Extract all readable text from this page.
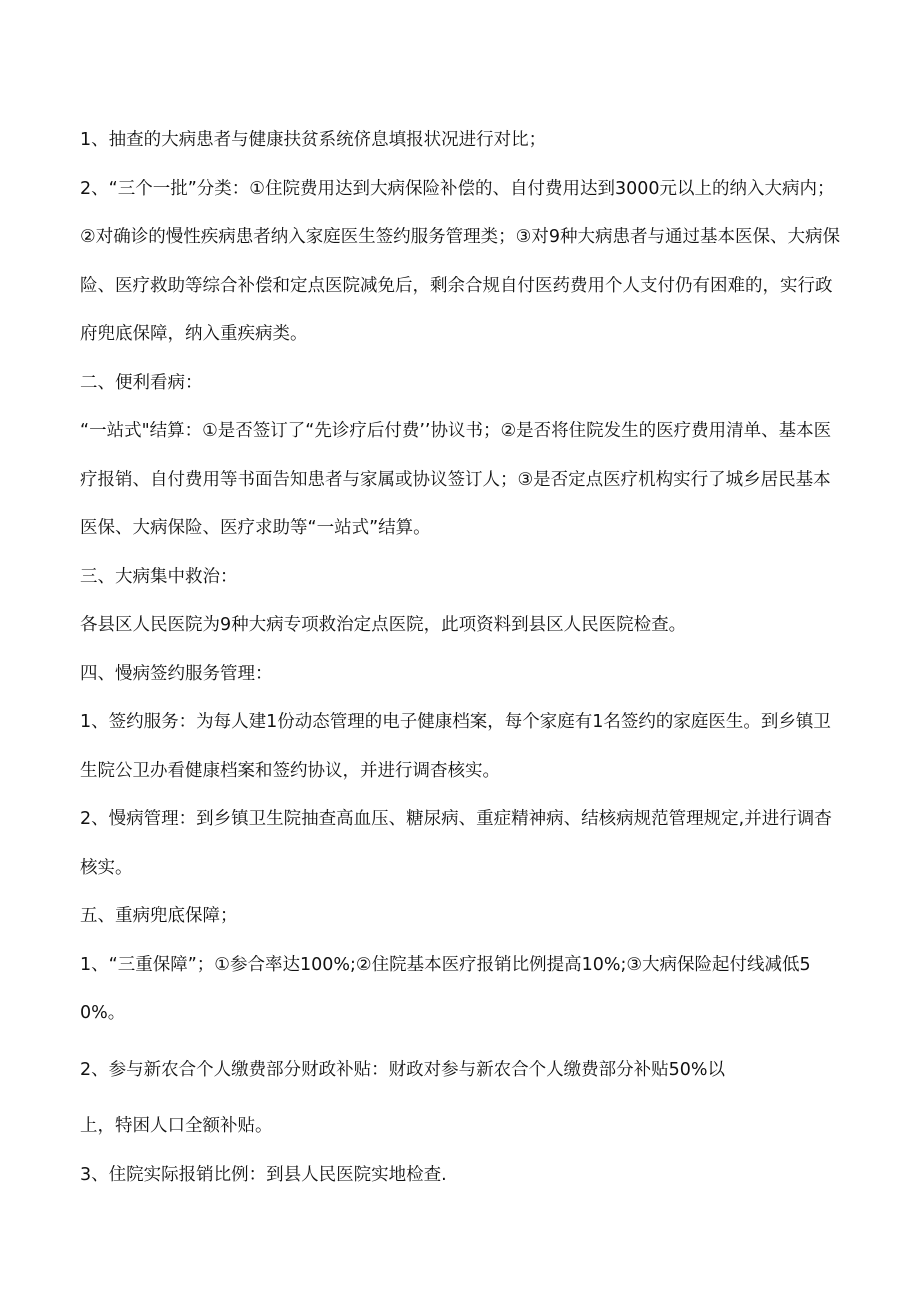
1、抽查的大病患者与健康扶贫系统侪息填报状况进行对比；

2、“三个一批”分类：①住院费用达到大病保险补偿的、自付费用达到3000元以上的纳入大病内；②对确诊的慢性疾病患者纳入家庭医生签约服务管理类；③对9种大病患者与通过基本医保、大病保险、医疗救助等综合补偿和定点医院减免后，剩余合规自付医药费用个人支付仍有困难的，实行政府兜底保障，纳入重疾病类。

二、便利看病：

“一站式"结算：①是否签订了“先诊疗后付费’’协议书；②是否将住院发生的医疗费用清单、基本医疗报销、自付费用等书面告知患者与家属或协议签订人；③是否定点医疗机构实行了城乡居民基本医保、大病保险、医疗求助等“一站式”结算。

三、大病集中救治：

各县区人民医院为9种大病专项救治定点医院，此项资料到县区人民医院检查。

四、慢病签约服务管理：

1、签约服务：为每人建1份动态管理的电子健康档案，每个家庭有1名签约的家庭医生。到乡镇卫生院公卫办看健康档案和签约协议，并进行调杳核实。

2、慢病管理：到乡镇卫生院抽查高血压、糖尿病、重症精神病、结核病规范管理规定,并进行调杳核实。

五、重病兜底保障；

1、“三重保障”；①参合率达100%;②住院基本医疗报销比例提高10%;③大病保险起付线减低50%。

2、参与新农合个人缴费部分财政补贴：财政对参与新农合个人缴费部分补贴50%以

上，特困人口全额补贴。

3、住院实际报销比例：到县人民医院实地检查.
